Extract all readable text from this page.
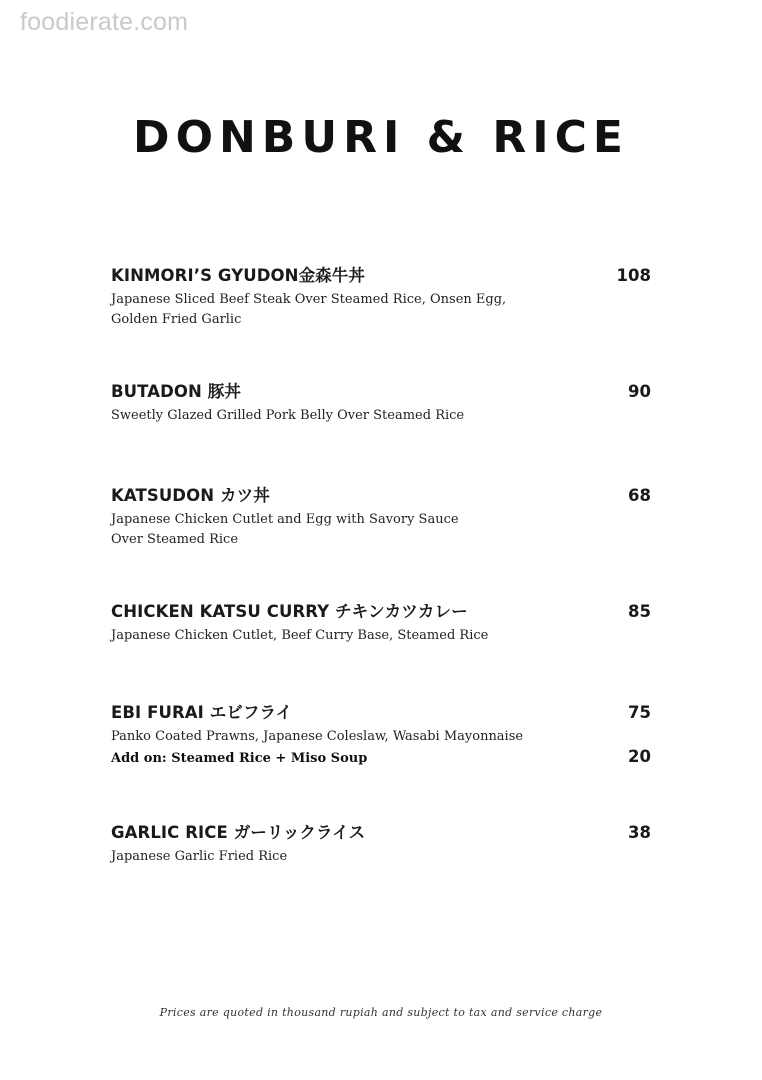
foodierate.com
DONBURI & RICE
KINMORI’S GYUDON金森牛丼	108
Japanese Sliced Beef Steak Over Steamed Rice, Onsen Egg,
Golden Fried Garlic
BUTADON 豚丼	90
Sweetly Glazed Grilled Pork Belly Over Steamed Rice
KATSUDON カツ丼	68
Japanese Chicken Cutlet and Egg with Savory Sauce
Over Steamed Rice
CHICKEN KATSU CURRY チキンカツカレー	85
Japanese Chicken Cutlet, Beef Curry Base, Steamed Rice
EBI FURAI エビフライ	75
Panko Coated Prawns, Japanese Coleslaw, Wasabi Mayonnaise
Add on: Steamed Rice + Miso Soup	20
GARLIC RICE ガーリックライス	38
Japanese Garlic Fried Rice
Prices are quoted in thousand rupiah and subject to tax and service charge
